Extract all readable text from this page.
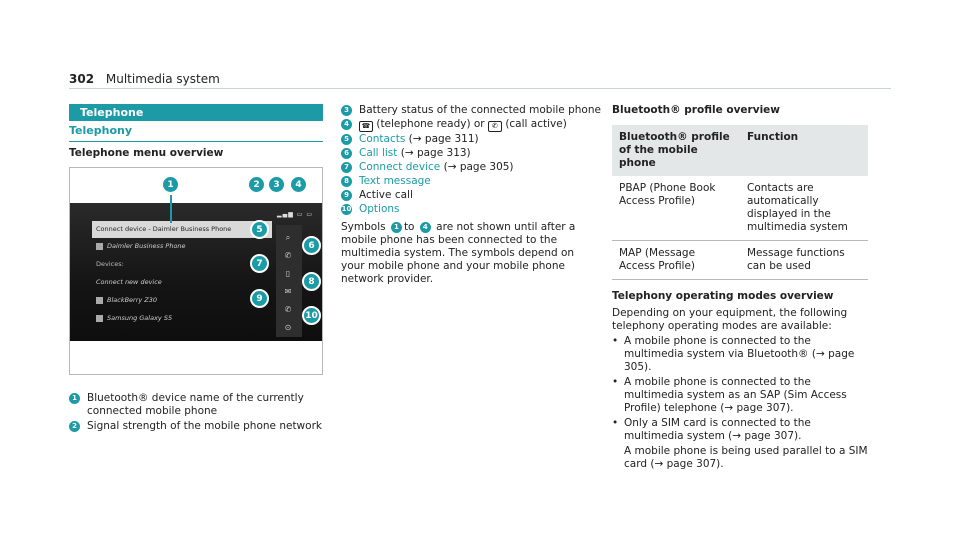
302 Multimedia system
Telephone
Telephony
Telephone menu overview
▂▄▆ ▭ ▭
Connect device - Daimler Business Phone
Daimler Business Phone
Devices:
Connect new device
BlackBerry Z30
Samsung Galaxy S5
⌕
✆
▯
✉
✆
⊙
1	2	3	4
5
6
7
8
9
10
1 Bluetooth® device name of the currently connected mobile phone
2 Signal strength of the mobile phone network
3 Battery status of the connected mobile phone
4	☎ (telephone ready) or ✆ (call active)
5 Contacts (→ page 311)
6 Call list (→ page 313)
7 Connect device (→ page 305)
8 Text message
9 Active call
10 Options

Symbols 1 to 4 are not shown until after a mobile phone has been connected to the multimedia system. The symbols depend on your mobile phone and your mobile phone network provider.

Bluetooth® profile overview
Bluetooth® profile of the mobile phone	Function
PBAP (Phone Book Access Profile)	Contacts are automatically displayed in the multimedia system
MAP (Message Access Profile)	Message functions can be used
Telephony operating modes overview
Depending on your equipment, the following telephony operating modes are available:
• A mobile phone is connected to the multimedia system via Bluetooth® (→ page 305).
• A mobile phone is connected to the multimedia system as an SAP (Sim Access Profile) telephone (→ page 307).
• Only a SIM card is connected to the multimedia system (→ page 307).
A mobile phone is being used parallel to a SIM card (→ page 307).
